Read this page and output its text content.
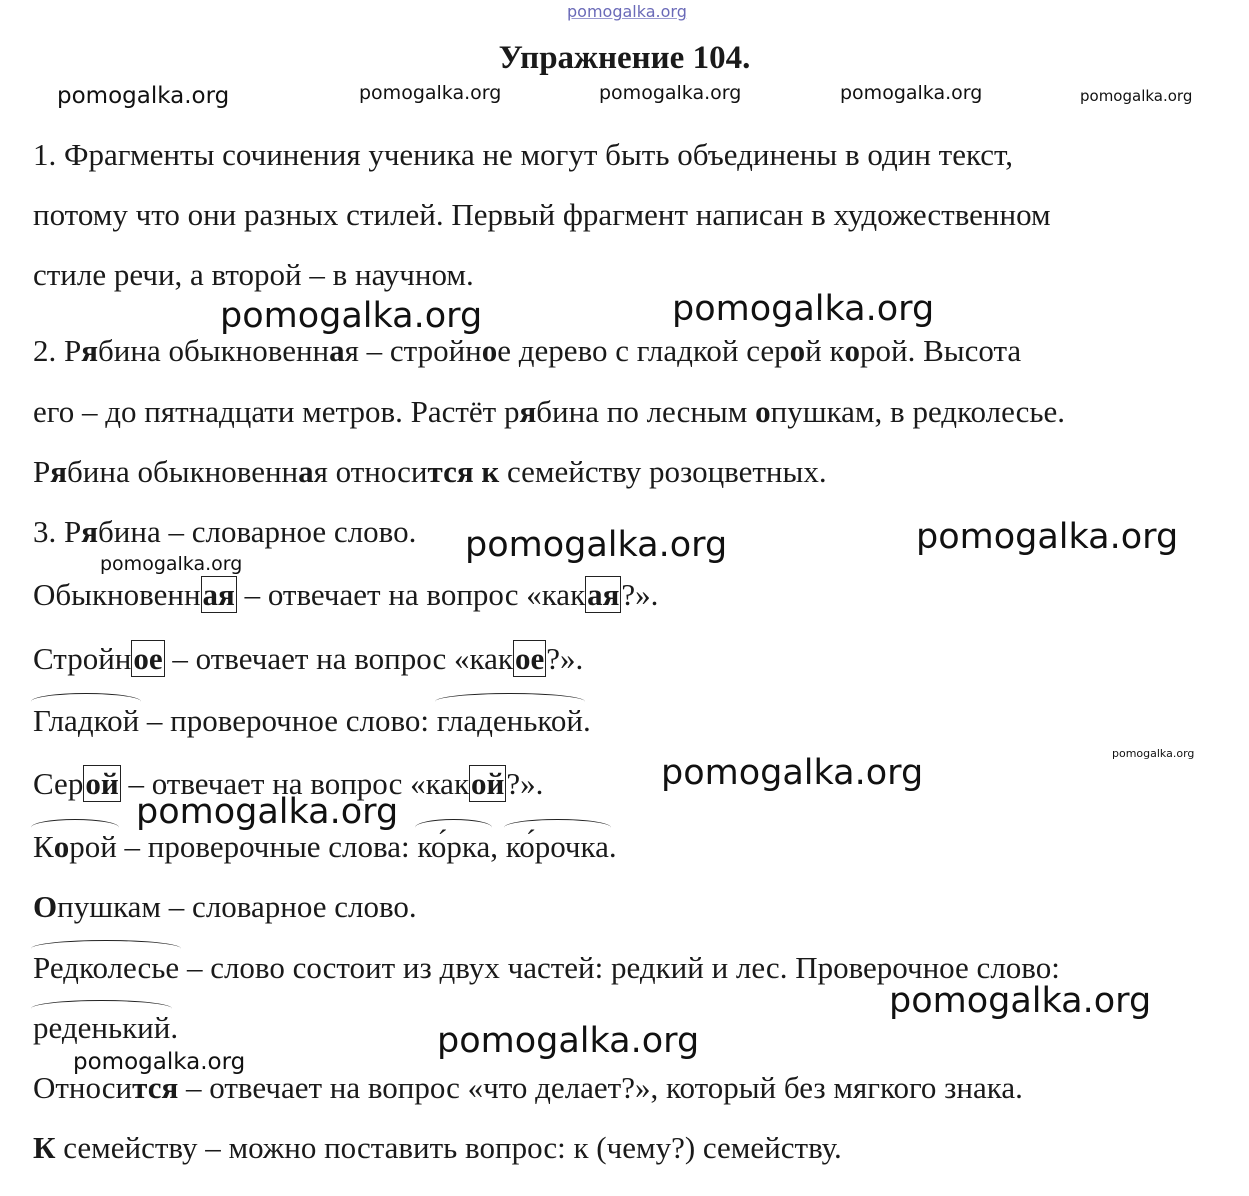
pomogalka.org
pomogalka.org	pomogalka.org	pomogalka.org	pomogalka.org	pomogalka.org
pomogalka.org	pomogalka.org
pomogalka.org	pomogalka.org
pomogalka.org
pomogalka.org
pomogalka.org
pomogalka.org
pomogalka.org
pomogalka.org
pomogalka.org
Упражнение 104.
1. Фрагменты сочинения ученика не могут быть объединены в один текст,
потому что они разных стилей. Первый фрагмент написан в художественном
стиле речи, а второй – в научном.
2. Рябина обыкновенная – стройное дерево с гладкой серой корой. Высота
его – до пятнадцати метров. Растёт рябина по лесным опушкам, в редколесье.
Рябина обыкновенная относится к семейству розоцветных.
3. Рябина – словарное слово.
Обыкновенная – отвечает на вопрос «какая?».
Стройное – отвечает на вопрос «какое?».
Гладкой – проверочное слово: гладенькой.
Серой – отвечает на вопрос «какой?».
Корой – проверочные слова: ко́рка, ко́рочка.
Опушкам – словарное слово.
Редколесье – слово состоит из двух частей: редкий и лес. Проверочное слово:
реденький.
Относится – отвечает на вопрос «что делает?», который без мягкого знака.
К семейству – можно поставить вопрос: к (чему?) семейству.
